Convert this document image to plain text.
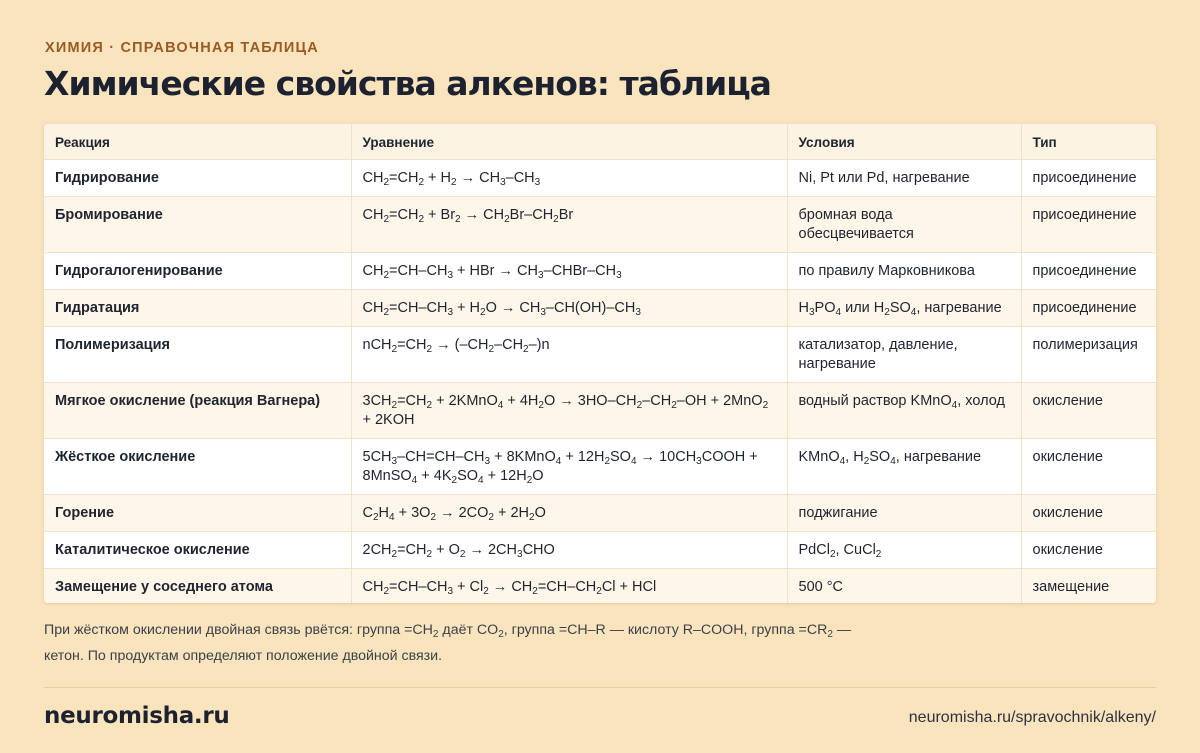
ХИМИЯ · СПРАВОЧНАЯ ТАБЛИЦА
Химические свойства алкенов: таблица
Реакция	Уравнение	Условия	Тип
Гидрирование	$CH_2=CH_2 + H_2 \to CH_3-CH_3$	Ni, Pt или Pd, нагревание	присоединение
Бромирование	$CH_2=CH_2 + Br_2 \to CH_2Br-CH_2Br$	бромная вода обесцвечивается	присоединение
Гидрогалогенирование	$CH_2=CH-CH_3$ + HBr → $CH_3-CHBr-CH_3$	по правилу Марковникова	присоединение
Гидратация	$CH_2=CH-CH_3 + H_2O \to CH_3-CH(OH)-CH_3$	$H_3PO_4$ или $H_2SO_4$, нагревание	присоединение
Полимеризация	$nCH_2=CH_2 \to (-CH_2-CH_2-)n$	катализатор, давление, нагревание	полимеризация
Мягкое окисление (реакция Вагнера)	$3CH_2=CH_2$ + 2KMnO$_4$ + $4H_2O \to 3HO-CH_2-CH_2-OH + 2MnO_2 + 2KOH$	водный раствор KMnO$_4$, холод	окисление
Жёсткое окисление	$5CH_3-CH=CH-CH_3$ + 8KMnO$_4$ + $12H_2SO_4$ → $10CH_3COOH$ + 8MnSO$_4$ + $4K_2SO_4 + 12H_2O$	KMnO$_4$, $H_2SO_4$, нагревание	окисление
Горение	$C_2H_4 + 3O_2 \to 2CO_2 + 2H_2O$	поджигание	окисление
Каталитическое окисление	$2CH_2=CH_2 + O_2 \to 2CH_3CHO$	PdCl$_2$, CuCl$_2$	окисление
Замещение у соседнего атома	$CH_2=CH-CH_3 + Cl_2 \to CH_2=CH-CH_2Cl$ + HCl	500 °C	замещение

При жёстком окислении двойная связь рвётся: группа $=CH_2$ даёт $CO_2$, группа =CH–R — кислоту R–COOH, группа $=CR_2$ — кетон. По продуктам определяют положение двойной связи.

neuromisha.ru	neuromisha.ru/spravochnik/alkeny/
